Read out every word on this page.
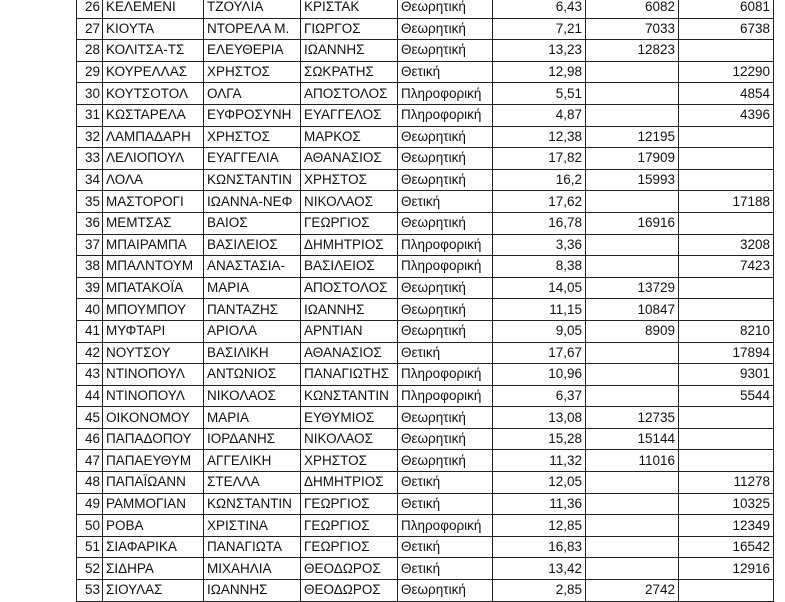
	26	ΚΕΛΕΜΕΝΙ	ΤΖΟΥΛΙΑ	ΚΡΙΣΤΑΚ	Θεωρητική	6,43	6082	6081
	27	ΚΙΟΥΤΑ	ΝΤΟΡΕΛΑ Μ.	ΓΙΩΡΓΟΣ	Θεωρητική	7,21	7033	6738
	28	ΚΟΛΙΤΣΑ-ΤΣ	ΕΛΕΥΘΕΡΙΑ	ΙΩΑΝΝΗΣ	Θεωρητική	13,23	12823	
	29	ΚΟΥΡΕΛΛΑΣ	ΧΡΗΣΤΟΣ	ΣΩΚΡΑΤΗΣ	Θετική	12,98		12290
	30	ΚΟΥΤΣΟΤΟΛ	ΟΛΓΑ	ΑΠΟΣΤΟΛΟΣ	Πληροφορική	5,51		4854
	31	ΚΩΣΤΑΡΕΛΑ	ΕΥΦΡΟΣΥΝΗ	ΕΥΑΓΓΕΛΟΣ	Πληροφορική	4,87		4396
	32	ΛΑΜΠΑΔΑΡΗ	ΧΡΗΣΤΟΣ	ΜΑΡΚΟΣ	Θεωρητική	12,38	12195	
	33	ΛΕΛΙΟΠΟΥΛ	ΕΥΑΓΓΕΛΙΑ	ΑΘΑΝΑΣΙΟΣ	Θεωρητική	17,82	17909	
	34	ΛΟΛΑ	ΚΩΝΣΤΑΝΤΙΝ	ΧΡΗΣΤΟΣ	Θεωρητική	16,2	15993	
	35	ΜΑΣΤΟΡΟΓΙ	ΙΩΑΝΝΑ-ΝΕΦ	ΝΙΚΟΛΑΟΣ	Θετική	17,62		17188
	36	ΜΕΜΤΣΑΣ	ΒΑΙΟΣ	ΓΕΩΡΓΙΟΣ	Θεωρητική	16,78	16916	
	37	ΜΠΑΙΡΑΜΠΑ	ΒΑΣΙΛΕΙΟΣ	ΔΗΜΗΤΡΙΟΣ	Πληροφορική	3,36		3208
	38	ΜΠΑΛΝΤΟΥΜ	ΑΝΑΣΤΑΣΙΑ-	ΒΑΣΙΛΕΙΟΣ	Πληροφορική	8,38		7423
	39	ΜΠΑΤΑΚΟΪΑ	ΜΑΡΙΑ	ΑΠΟΣΤΟΛΟΣ	Θεωρητική	14,05	13729	
	40	ΜΠΟΥΜΠΟΥ	ΠΑΝΤΑΖΗΣ	ΙΩΑΝΝΗΣ	Θεωρητική	11,15	10847	
	41	ΜΥΦΤΑΡΙ	ΑΡΙΟΛΑ	ΑΡΝΤΙΑΝ	Θεωρητική	9,05	8909	8210
	42	ΝΟΥΤΣΟΥ	ΒΑΣΙΛΙΚΗ	ΑΘΑΝΑΣΙΟΣ	Θετική	17,67		17894
	43	ΝΤΙΝΟΠΟΥΛ	ΑΝΤΩΝΙΟΣ	ΠΑΝΑΓΙΩΤΗΣ	Πληροφορική	10,96		9301
	44	ΝΤΙΝΟΠΟΥΛ	ΝΙΚΟΛΑΟΣ	ΚΩΝΣΤΑΝΤΙΝ	Πληροφορική	6,37		5544
	45	ΟΙΚΟΝΟΜΟΥ	ΜΑΡΙΑ	ΕΥΘΥΜΙΟΣ	Θεωρητική	13,08	12735	
	46	ΠΑΠΑΔΟΠΟΥ	ΙΟΡΔΑΝΗΣ	ΝΙΚΟΛΑΟΣ	Θεωρητική	15,28	15144	
	47	ΠΑΠΑΕΥΘΥΜ	ΑΓΓΕΛΙΚΗ	ΧΡΗΣΤΟΣ	Θεωρητική	11,32	11016	
	48	ΠΑΠΑΪΩΑΝΝ	ΣΤΕΛΛΑ	ΔΗΜΗΤΡΙΟΣ	Θετική	12,05		11278
	49	ΡΑΜΜΟΓΙΑΝ	ΚΩΝΣΤΑΝΤΙΝ	ΓΕΩΡΓΙΟΣ	Θετική	11,36		10325
	50	ΡΟΒΑ	ΧΡΙΣΤΙΝΑ	ΓΕΩΡΓΙΟΣ	Πληροφορική	12,85		12349
	51	ΣΙΑΦΑΡΙΚΑ	ΠΑΝΑΓΙΩΤΑ	ΓΕΩΡΓΙΟΣ	Θετική	16,83		16542
	52	ΣΙΔΗΡΑ	ΜΙΧΑΗΛΙΑ	ΘΕΟΔΩΡΟΣ	Θετική	13,42		12916
	53	ΣΙΟΥΛΑΣ	ΙΩΑΝΝΗΣ	ΘΕΟΔΩΡΟΣ	Θεωρητική	2,85	2742	
